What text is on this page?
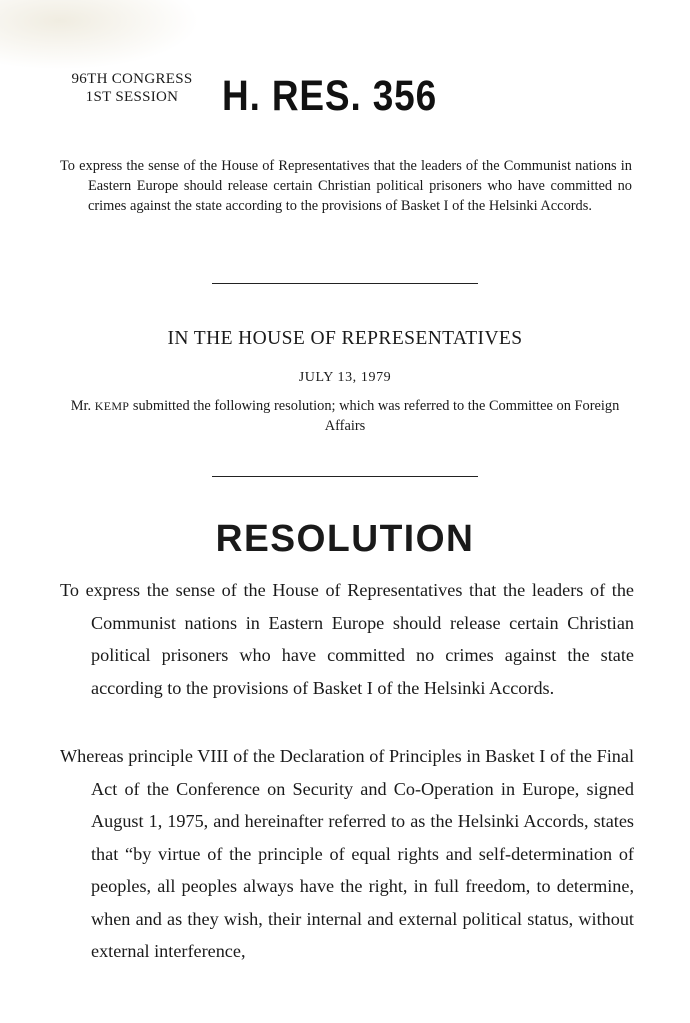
96TH CONGRESS
1ST SESSION	H. RES. 356
To express the sense of the House of Representatives that the leaders of the Communist nations in Eastern Europe should release certain Christian political prisoners who have committed no crimes against the state according to the provisions of Basket I of the Helsinki Accords.
IN THE HOUSE OF REPRESENTATIVES
JULY 13, 1979
Mr. KEMP submitted the following resolution; which was referred to the Committee on Foreign Affairs
RESOLUTION
To express the sense of the House of Representatives that the leaders of the Communist nations in Eastern Europe should release certain Christian political prisoners who have committed no crimes against the state according to the provisions of Basket I of the Helsinki Accords.
Whereas principle VIII of the Declaration of Principles in Basket I of the Final Act of the Conference on Security and Co-Operation in Europe, signed August 1, 1975, and hereinafter referred to as the Helsinki Accords, states that “by virtue of the principle of equal rights and self-determination of peoples, all peoples always have the right, in full freedom, to determine, when and as they wish, their internal and external political status, without external interference,
